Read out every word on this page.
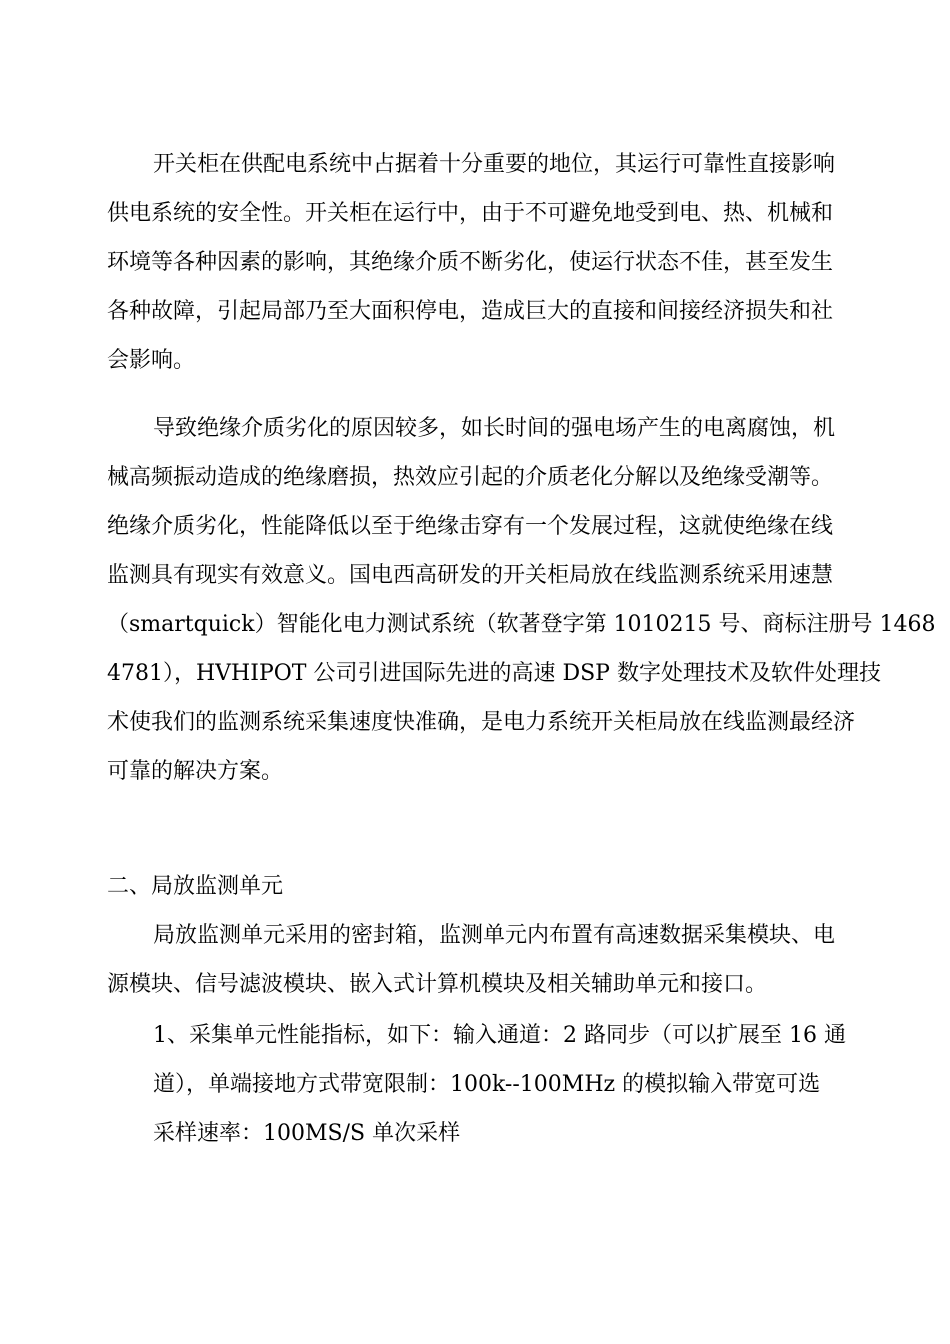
开关柜在供配电系统中占据着十分重要的地位，其运行可靠性直接影响
供电系统的安全性。开关柜在运行中，由于不可避免地受到电、热、机械和
环境等各种因素的影响，其绝缘介质不断劣化，使运行状态不佳，甚至发生
各种故障，引起局部乃至大面积停电，造成巨大的直接和间接经济损失和社
会影响。
导致绝缘介质劣化的原因较多，如长时间的强电场产生的电离腐蚀，机
械高频振动造成的绝缘磨损，热效应引起的介质老化分解以及绝缘受潮等。
绝缘介质劣化，性能降低以至于绝缘击穿有一个发展过程，这就使绝缘在线
监测具有现实有效意义。国电西高研发的开关柜局放在线监测系统采用速慧
（smartquick）智能化电力测试系统（软著登字第 1010215 号、商标注册号 1468
4781），HVHIPOT 公司引进国际先进的高速 DSP 数字处理技术及软件处理技
术使我们的监测系统采集速度快准确，是电力系统开关柜局放在线监测最经济
可靠的解决方案。
二、局放监测单元
局放监测单元采用的密封箱，监测单元内布置有高速数据采集模块、电
源模块、信号滤波模块、嵌入式计算机模块及相关辅助单元和接口。
1、采集单元性能指标，如下：输入通道：2 路同步（可以扩展至 16 通
道），单端接地方式带宽限制：100k--100MHz 的模拟输入带宽可选
采样速率：100MS/S 单次采样
